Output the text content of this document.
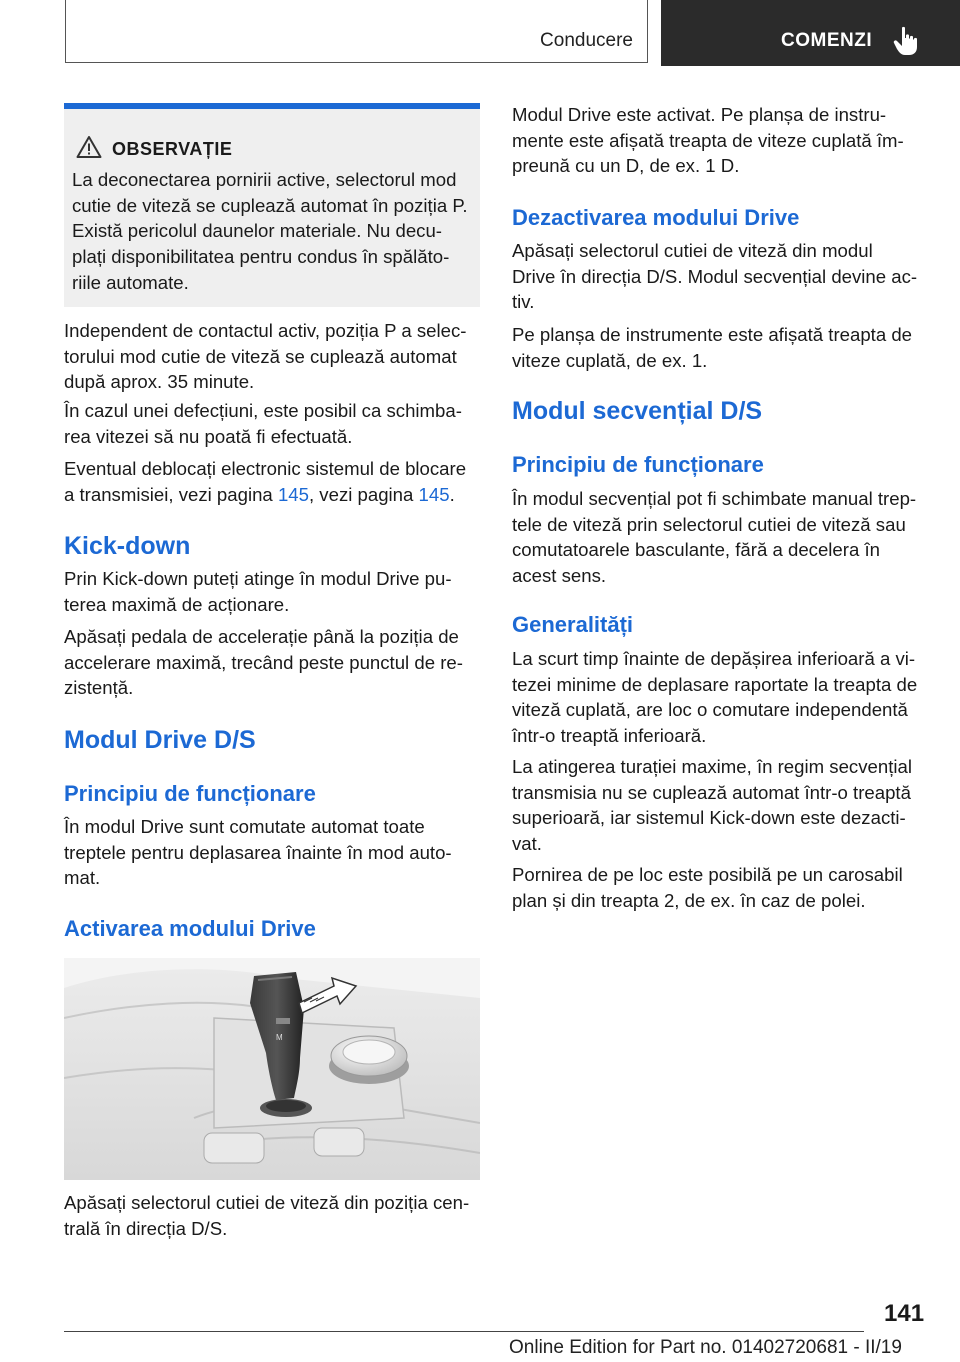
Conducere	COMENZI
OBSERVAȚIE
La deconectarea pornirii active, selectorul mod
cutie de viteză se cuplează automat în poziția P.
Există pericolul daunelor materiale. Nu decu‐
plați disponibilitatea pentru condus în spălăto‐
riile automate.

Independent de contactul activ, poziția P a selec‐
torului mod cutie de viteză se cuplează automat
după aprox. 35 minute.

În cazul unei defecțiuni, este posibil ca schimba‐
rea vitezei să nu poată fi efectuată.

Eventual deblocați electronic sistemul de blocare
a transmisiei, vezi pagina 145, vezi pagina 145.

Kick-down

Prin Kick-down puteți atinge în modul Drive pu‐
terea maximă de acționare.

Apăsați pedala de accelerație până la poziția de
accelerare maximă, trecând peste punctul de re‐
zistență.

Modul Drive D/S
Principiu de funcționare

În modul Drive sunt comutate automat toate
treptele pentru deplasarea înainte în mod auto‐
mat.

Activarea modului Drive
M

Apăsați selectorul cutiei de viteză din poziția cen‐
trală în direcția D/S.

Modul Drive este activat. Pe planșa de instru‐
mente este afișată treapta de viteze cuplată îm‐
preună cu un D, de ex. 1 D.

Dezactivarea modului Drive

Apăsați selectorul cutiei de viteză din modul
Drive în direcția D/S. Modul secvențial devine ac‐
tiv.

Pe planșa de instrumente este afișată treapta de
viteze cuplată, de ex. 1.

Modul secvențial D/S
Principiu de funcționare

În modul secvențial pot fi schimbate manual trep‐
tele de viteză prin selectorul cutiei de viteză sau
comutatoarele basculante, fără a decelera în
acest sens.

Generalități

La scurt timp înainte de depășirea inferioară a vi‐
tezei minime de deplasare raportate la treapta de
viteză cuplată, are loc o comutare independentă
într-o treaptă inferioară.

La atingerea turației maxime, în regim secvențial
transmisia nu se cuplează automat într-o treaptă
superioară, iar sistemul Kick-down este dezacti‐
vat.

Pornirea de pe loc este posibilă pe un carosabil
plan și din treapta 2, de ex. în caz de polei.

141
Online Edition for Part no. 01402720681 - II/19
